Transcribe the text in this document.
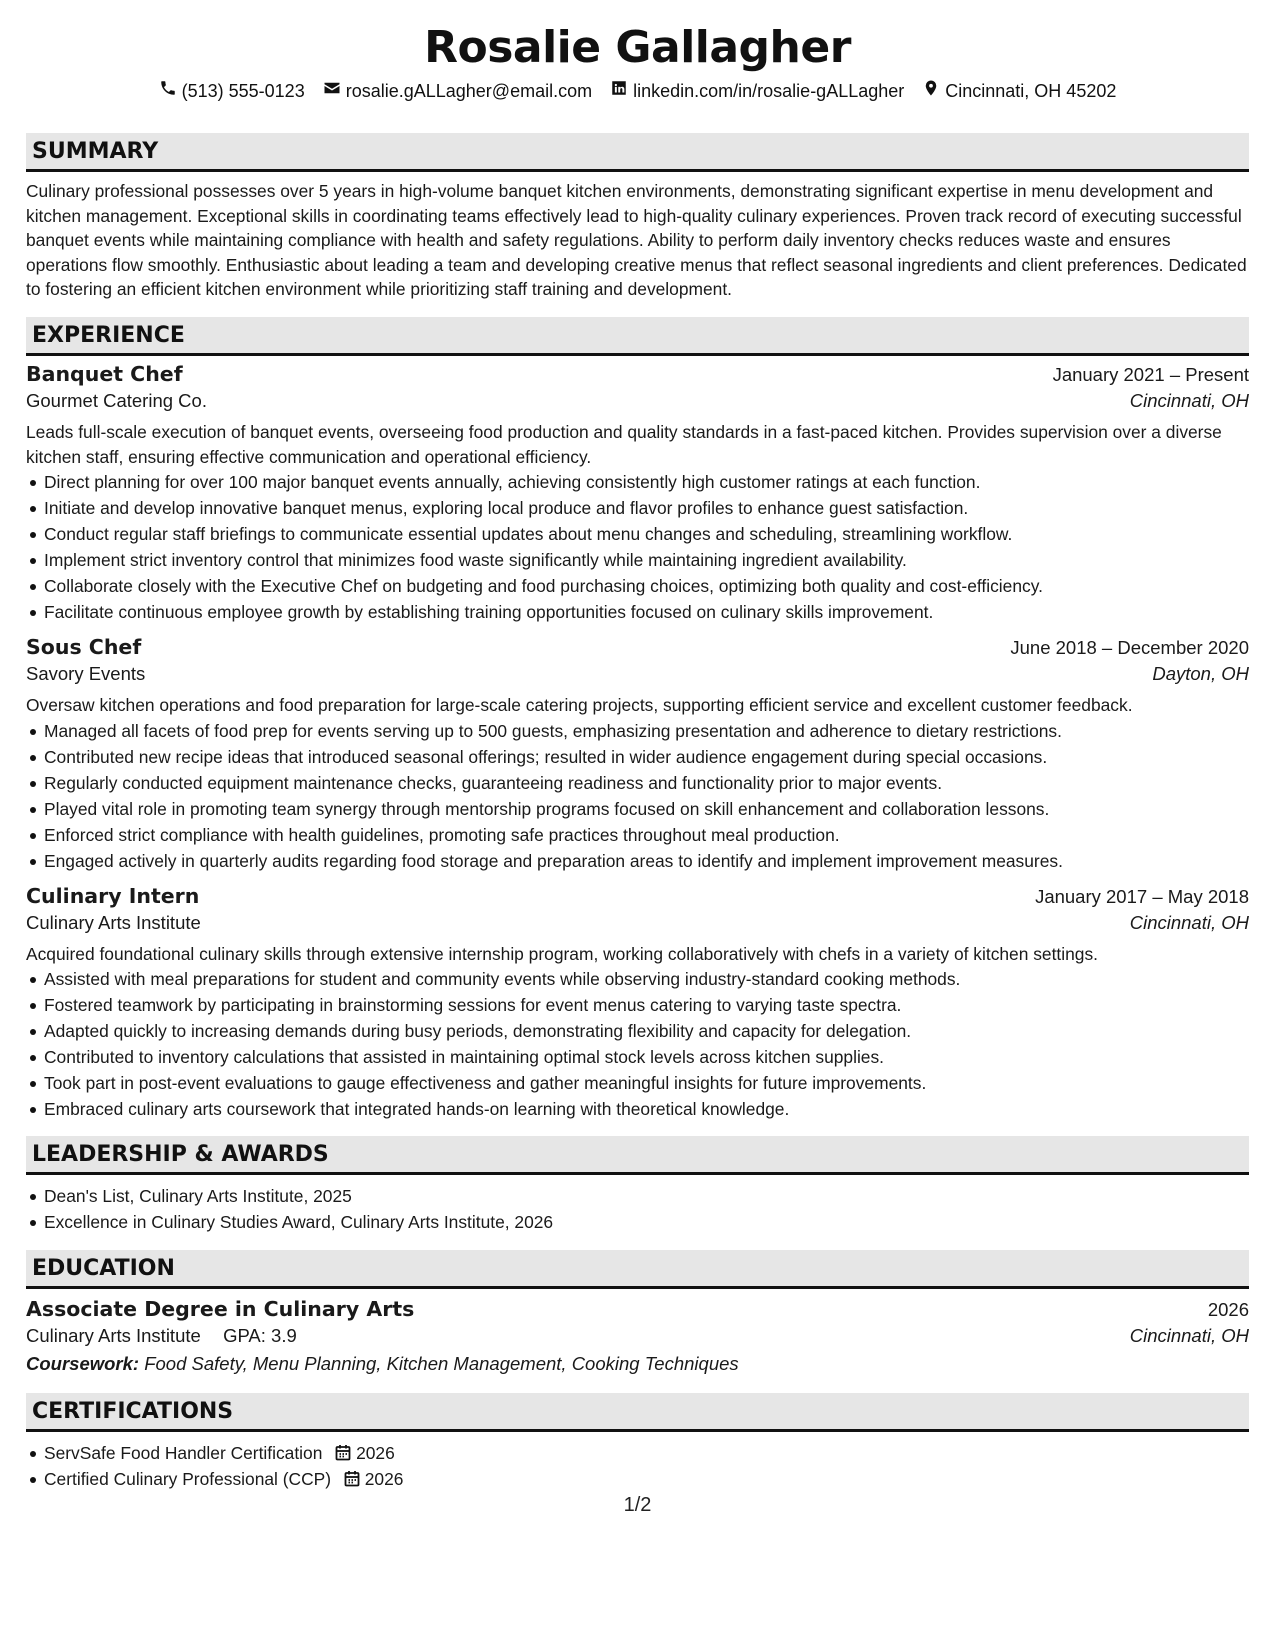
Rosalie Gallagher
(513) 555-0123 rosalie.gALLagher@email.com linkedin.com/in/rosalie-gALLagher Cincinnati, OH 45202
SUMMARY

Culinary professional possesses over 5 years in high-volume banquet kitchen environments, demonstrating significant expertise in menu development and kitchen management. Exceptional skills in coordinating teams effectively lead to high-quality culinary experiences. Proven track record of executing successful banquet events while maintaining compliance with health and safety regulations. Ability to perform daily inventory checks reduces waste and ensures operations flow smoothly. Enthusiastic about leading a team and developing creative menus that reflect seasonal ingredients and client preferences. Dedicated to fostering an efficient kitchen environment while prioritizing staff training and development.

EXPERIENCE
Banquet Chef	January 2021 – Present
Gourmet Catering Co.	Cincinnati, OH

Leads full-scale execution of banquet events, overseeing food production and quality standards in a fast-paced kitchen. Provides supervision over a diverse kitchen staff, ensuring effective communication and operational efficiency.

Direct planning for over 100 major banquet events annually, achieving consistently high customer ratings at each function.
Initiate and develop innovative banquet menus, exploring local produce and flavor profiles to enhance guest satisfaction.
Conduct regular staff briefings to communicate essential updates about menu changes and scheduling, streamlining workflow.
Implement strict inventory control that minimizes food waste significantly while maintaining ingredient availability.
Collaborate closely with the Executive Chef on budgeting and food purchasing choices, optimizing both quality and cost-efficiency.
Facilitate continuous employee growth by establishing training opportunities focused on culinary skills improvement.
Sous Chef	June 2018 – December 2020
Savory Events	Dayton, OH

Oversaw kitchen operations and food preparation for large-scale catering projects, supporting efficient service and excellent customer feedback.

Managed all facets of food prep for events serving up to 500 guests, emphasizing presentation and adherence to dietary restrictions.
Contributed new recipe ideas that introduced seasonal offerings; resulted in wider audience engagement during special occasions.
Regularly conducted equipment maintenance checks, guaranteeing readiness and functionality prior to major events.
Played vital role in promoting team synergy through mentorship programs focused on skill enhancement and collaboration lessons.
Enforced strict compliance with health guidelines, promoting safe practices throughout meal production.
Engaged actively in quarterly audits regarding food storage and preparation areas to identify and implement improvement measures.
Culinary Intern	January 2017 – May 2018
Culinary Arts Institute	Cincinnati, OH

Acquired foundational culinary skills through extensive internship program, working collaboratively with chefs in a variety of kitchen settings.

Assisted with meal preparations for student and community events while observing industry-standard cooking methods.
Fostered teamwork by participating in brainstorming sessions for event menus catering to varying taste spectra.
Adapted quickly to increasing demands during busy periods, demonstrating flexibility and capacity for delegation.
Contributed to inventory calculations that assisted in maintaining optimal stock levels across kitchen supplies.
Took part in post-event evaluations to gauge effectiveness and gather meaningful insights for future improvements.
Embraced culinary arts coursework that integrated hands-on learning with theoretical knowledge.
LEADERSHIP & AWARDS
Dean's List, Culinary Arts Institute, 2025
Excellence in Culinary Studies Award, Culinary Arts Institute, 2026
EDUCATION
Associate Degree in Culinary Arts	2026
Culinary Arts Institute GPA: 3.9	Cincinnati, OH
Coursework: Food Safety, Menu Planning, Kitchen Management, Cooking Techniques
CERTIFICATIONS
ServSafe Food Handler Certification 2026
Certified Culinary Professional (CCP) 2026
1/2
